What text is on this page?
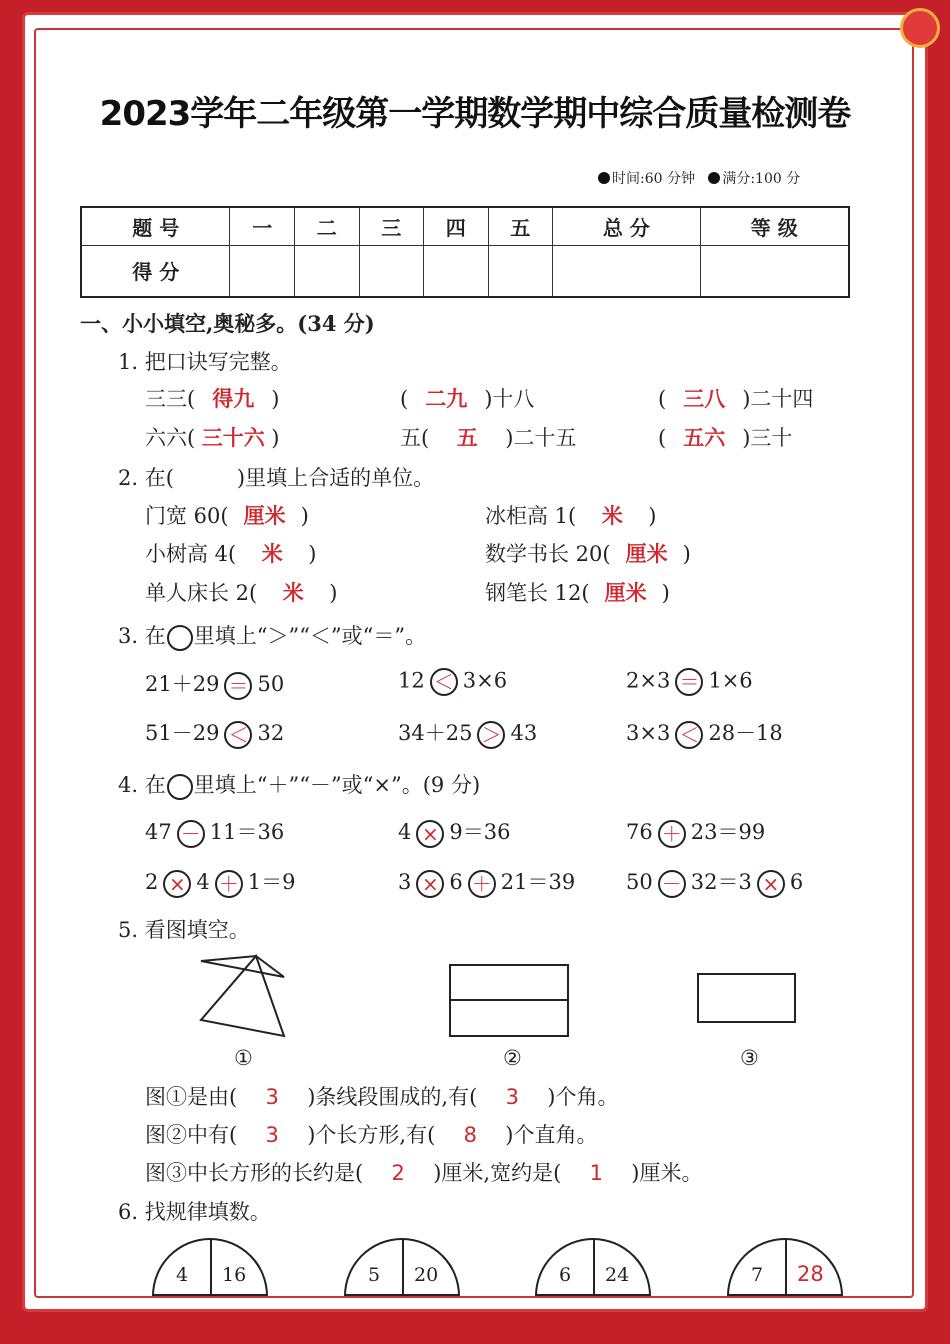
2023学年二年级第一学期数学期中综合质量检测卷
时间:60 分钟 满分:100 分
题 号	一	二	三	四	五	总 分	等 级
得 分							
一、小小填空,奥秘多。(34 分)
1. 把口诀写完整。
三三( 得九 )	( 二九 )十八	( 三八 )二十四
六六( 三十六 )	五( 五 )二十五	( 五六 )三十
2. 在(　　　)里填上合适的单位。
门宽 60( 厘米 )	冰柜高 1( 米 )
小树高 4( 米 )	数学书长 20( 厘米 )
单人床长 2( 米 )	钢笔长 12( 厘米 )
3. 在 里填上“＞”“＜”或“＝”。
21＋29 ＝ 50	12 ＜ 3×6	2×3 ＝ 1×6
51－29 ＜ 32	34＋25 ＞ 43	3×3 ＜ 28－18
4. 在 里填上“＋”“－”或“×”。(9 分)
47 － 11＝36	4 × 9＝36	76 ＋ 23＝99
2 × 4 ＋ 1＝9	3 × 6 ＋ 21＝39 50 － 32＝3 × 6
5. 看图填空。
①	②	③
图①是由( 3 )条线段围成的,有( 3 )个角。
图②中有( 3 )个长方形,有( 8 )个直角。
图③中长方形的长约是( 2 )厘米,宽约是( 1 )厘米。
6. 找规律填数。
4 16	5 20	6 24	7 28
